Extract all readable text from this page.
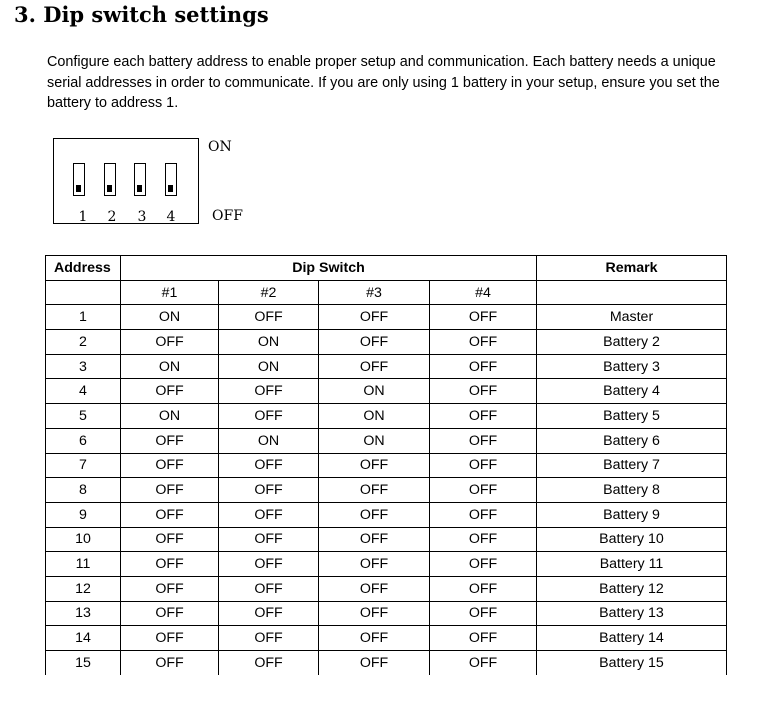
3. Dip switch settings

Configure each battery address to enable proper setup and communication. Each battery needs a unique serial addresses in order to communicate. If you are only using 1 battery in your setup, ensure you set the battery to address 1.

1 2 3 4
ON
OFF
Address	Dip Switch				Remark
	#1	#2	#3	#4	
1	ON	OFF	OFF	OFF	Master
2	OFF	ON	OFF	OFF	Battery 2
3	ON	ON	OFF	OFF	Battery 3
4	OFF	OFF	ON	OFF	Battery 4
5	ON	OFF	ON	OFF	Battery 5
6	OFF	ON	ON	OFF	Battery 6
7	OFF	OFF	OFF	OFF	Battery 7
8	OFF	OFF	OFF	OFF	Battery 8
9	OFF	OFF	OFF	OFF	Battery 9
10	OFF	OFF	OFF	OFF	Battery 10
11	OFF	OFF	OFF	OFF	Battery 11
12	OFF	OFF	OFF	OFF	Battery 12
13	OFF	OFF	OFF	OFF	Battery 13
14	OFF	OFF	OFF	OFF	Battery 14
15	OFF	OFF	OFF	OFF	Battery 15
